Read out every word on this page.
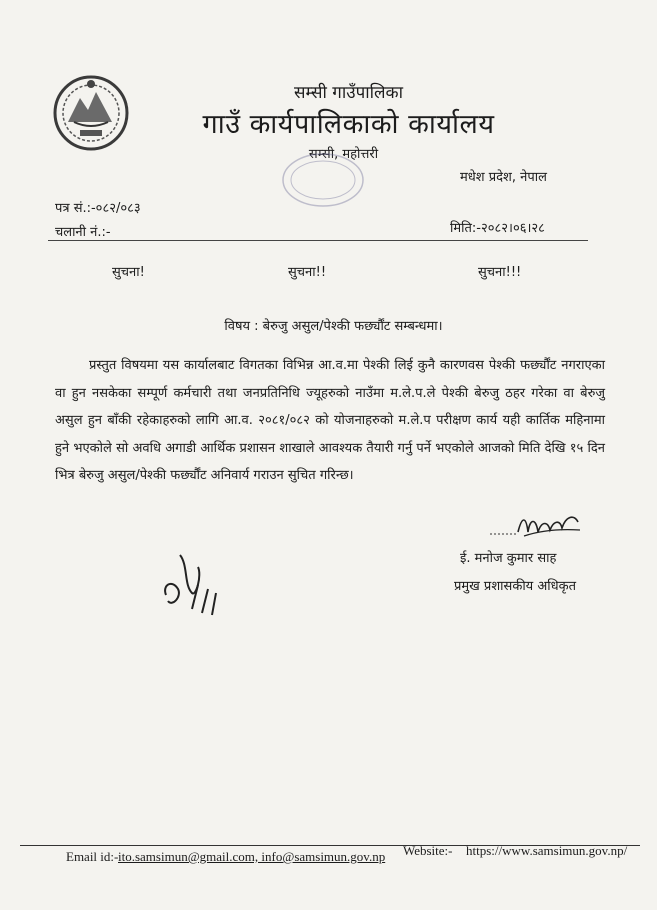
सम्सी गाउँपालिका
गाउँ कार्यपालिकाको कार्यालय
सम्सी, महोत्तरी
मधेश प्रदेश, नेपाल
पत्र सं.:-०८२/०८३
चलानी नं.:-	मिति:-२०८२।०६।२८
सुचना!	सुचना!!	सुचना!!!
विषय : बेरुजु असुल/पेश्की फर्छ्यौंट सम्बन्धमा।
प्रस्तुत विषयमा यस कार्यालबाट विगतका विभिन्न आ.व.मा पेश्की लिई कुनै कारणवस पेश्की फर्छ्यौंट नगराएका वा हुन नसकेका सम्पूर्ण कर्मचारी तथा जनप्रतिनिधि ज्यूहरुको नाउँमा म.ले.प.ले पेश्की बेरुजु ठहर गरेका वा बेरुजु असुल हुन बाँकी रहेकाहरुको लागि आ.व. २०८१/०८२ को योजनाहरुको म.ले.प परीक्षण कार्य यही कार्तिक महिनामा हुने भएकोले सो अवधि अगाडी आर्थिक प्रशासन शाखाले आवश्यक तैयारी गर्नु पर्ने भएकोले आजको मिति देखि १५ दिन भित्र बेरुजु असुल/पेश्की फर्छ्यौंट अनिवार्य गराउन सुचित गरिन्छ।
ई. मनोज कुमार साह
प्रमुख प्रशासकीय अधिकृत
Email id:- ito.samsimun@gmail.com, info@samsimun.gov.np Website:- https://www.samsimun.gov.np/
